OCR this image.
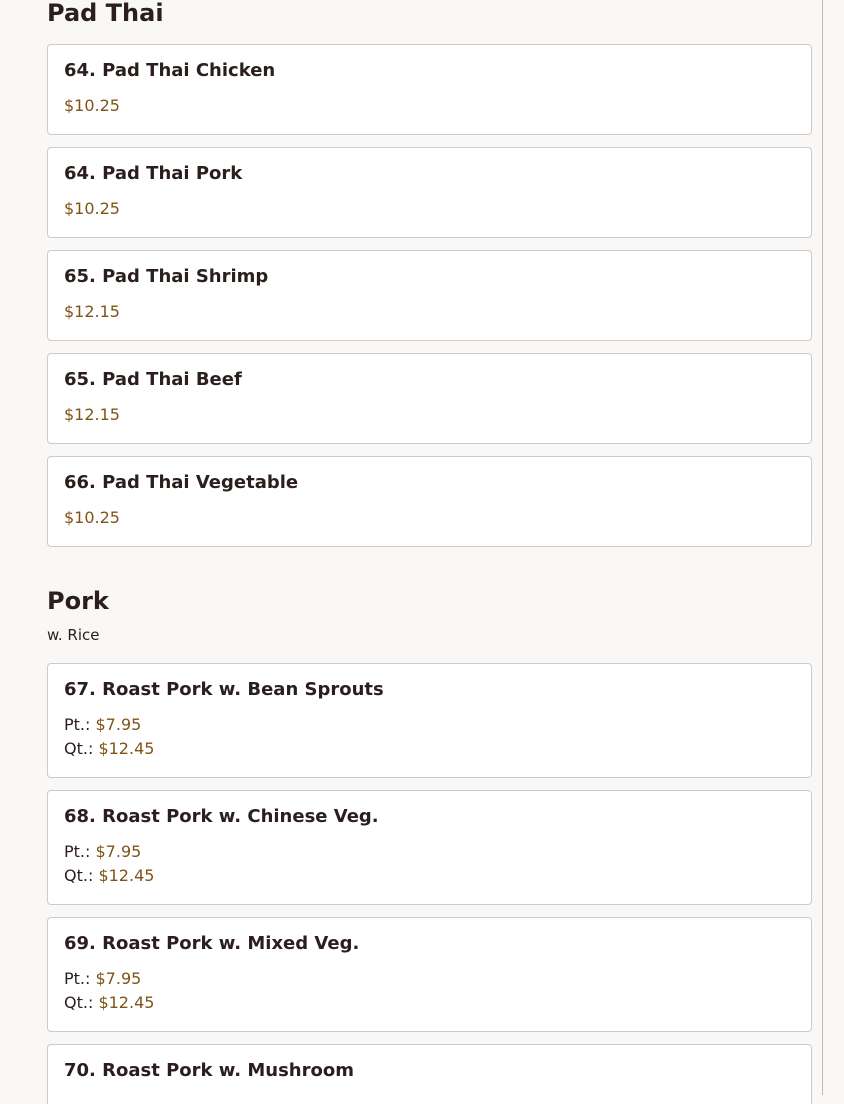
Pad Thai
64. Pad Thai Chicken
$10.25
64. Pad Thai Pork
$10.25
65. Pad Thai Shrimp
$12.15
65. Pad Thai Beef
$12.15
66. Pad Thai Vegetable
$10.25
Pork
w. Rice
67. Roast Pork w. Bean Sprouts
Pt.: $7.95
Qt.: $12.45
68. Roast Pork w. Chinese Veg.
Pt.: $7.95
Qt.: $12.45
69. Roast Pork w. Mixed Veg.
Pt.: $7.95
Qt.: $12.45
70. Roast Pork w. Mushroom
